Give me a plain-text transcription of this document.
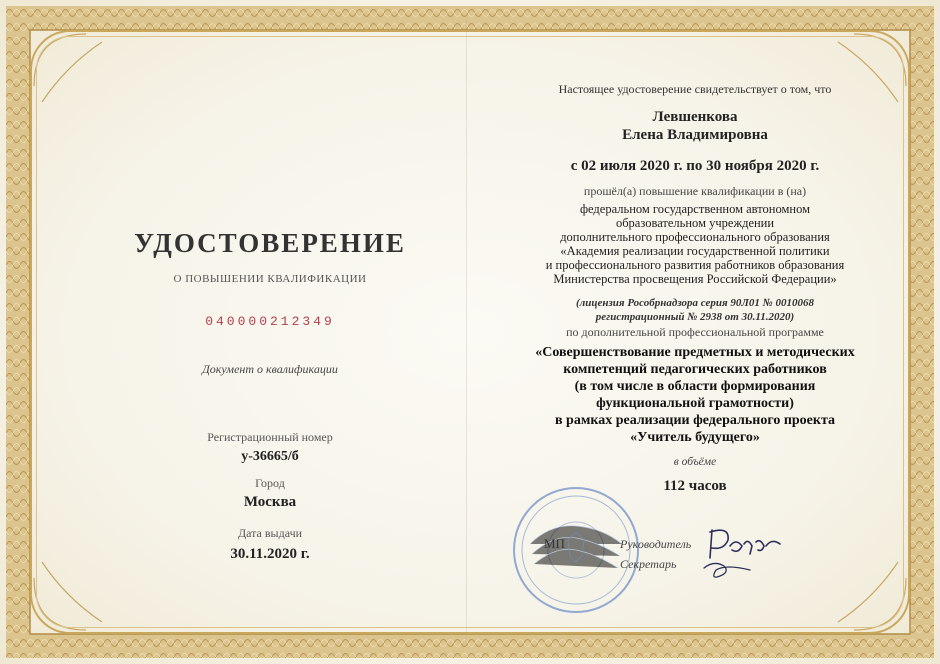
УДОСТОВЕРЕНИЕ
О ПОВЫШЕНИИ КВАЛИФИКАЦИИ
040000212349
Документ о квалификации
Регистрационный номер
у-36665/б
Город
Москва
Дата выдачи
30.11.2020 г.
Настоящее удостоверение свидетельствует о том, что
Левшенкова
Елена Владимировна
с 02 июля 2020 г. по 30 ноября 2020 г.
прошёл(а) повышение квалификации в (на)
федеральном государственном автономном
образовательном учреждении
дополнительного профессионального образования
«Академия реализации государственной политики
и профессионального развития работников образования
Министерства просвещения Российской Федерации»
(лицензия Рособрнадзора серия 90Л01 № 0010068
регистрационный № 2938 от 30.11.2020)
по дополнительной профессиональной программе
«Совершенствование предметных и методических
компетенций педагогических работников
(в том числе в области формирования
функциональной грамотности)
в рамках реализации федерального проекта
«Учитель будущего»
в объёме
112 часов
МП	Руководитель
Секретарь
